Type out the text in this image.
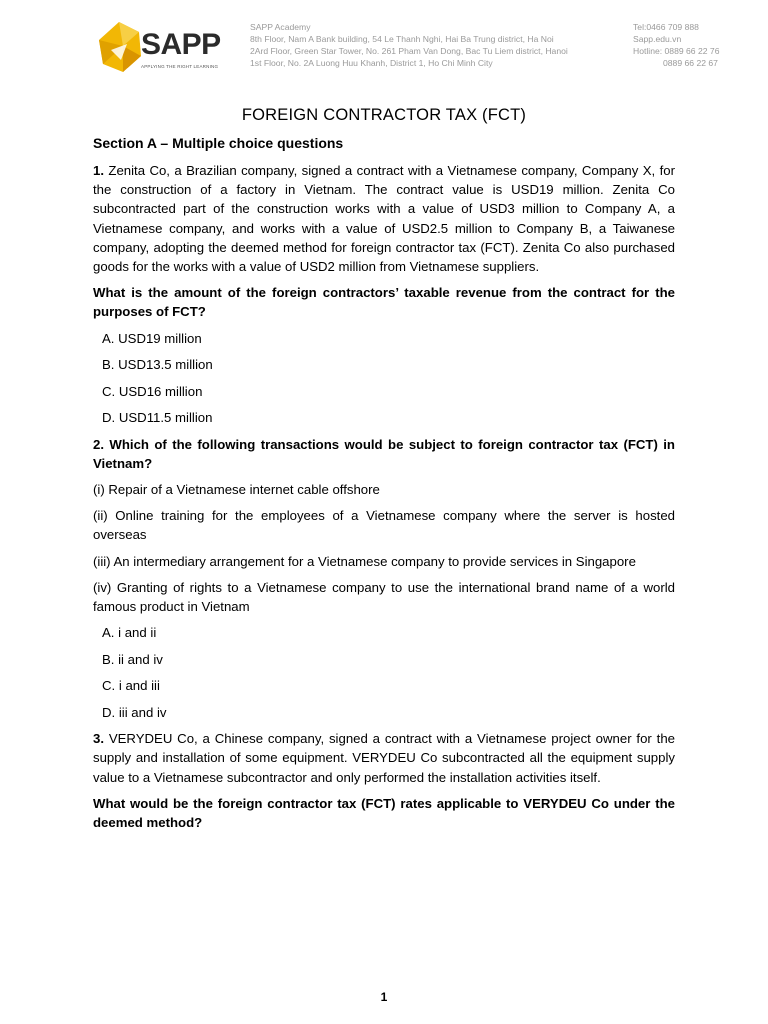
SAPP
APPLYING THE RIGHT LEARNING
SAPP Academy
8th Floor, Nam A Bank building, 54 Le Thanh Nghi, Hai Ba Trung district, Ha Noi
2Ard Floor, Green Star Tower, No. 261 Pham Van Dong, Bac Tu Liem district, Hanoi
1st Floor, No. 2A Luong Huu Khanh, District 1, Ho Chi Minh City
Tel:0466 709 888
Sapp.edu.vn
Hotline: 0889 66 22 76
0889 66 22 67
FOREIGN CONTRACTOR TAX (FCT)
Section A – Multiple choice questions

1. Zenita Co, a Brazilian company, signed a contract with a Vietnamese company, Company X, for the construction of a factory in Vietnam. The contract value is USD19 million. Zenita Co subcontracted part of the construction works with a value of USD3 million to Company A, a Vietnamese company, and works with a value of USD2.5 million to Company B, a Taiwanese company, adopting the deemed method for foreign contractor tax (FCT). Zenita Co also purchased goods for the works with a value of USD2 million from Vietnamese suppliers.

What is the amount of the foreign contractors’ taxable revenue from the contract for the purposes of FCT?

A. USD19 million
B. USD13.5 million
C. USD16 million
D. USD11.5 million

2. Which of the following transactions would be subject to foreign contractor tax (FCT) in Vietnam?

(i) Repair of a Vietnamese internet cable offshore

(ii) Online training for the employees of a Vietnamese company where the server is hosted overseas

(iii) An intermediary arrangement for a Vietnamese company to provide services in Singapore

(iv) Granting of rights to a Vietnamese company to use the international brand name of a world famous product in Vietnam

A. i and ii
B. ii and iv
C. i and iii
D. iii and iv

3. VERYDEU Co, a Chinese company, signed a contract with a Vietnamese project owner for the supply and installation of some equipment. VERYDEU Co subcontracted all the equipment supply value to a Vietnamese subcontractor and only performed the installation activities itself.

What would be the foreign contractor tax (FCT) rates applicable to VERYDEU Co under the deemed method?

1
